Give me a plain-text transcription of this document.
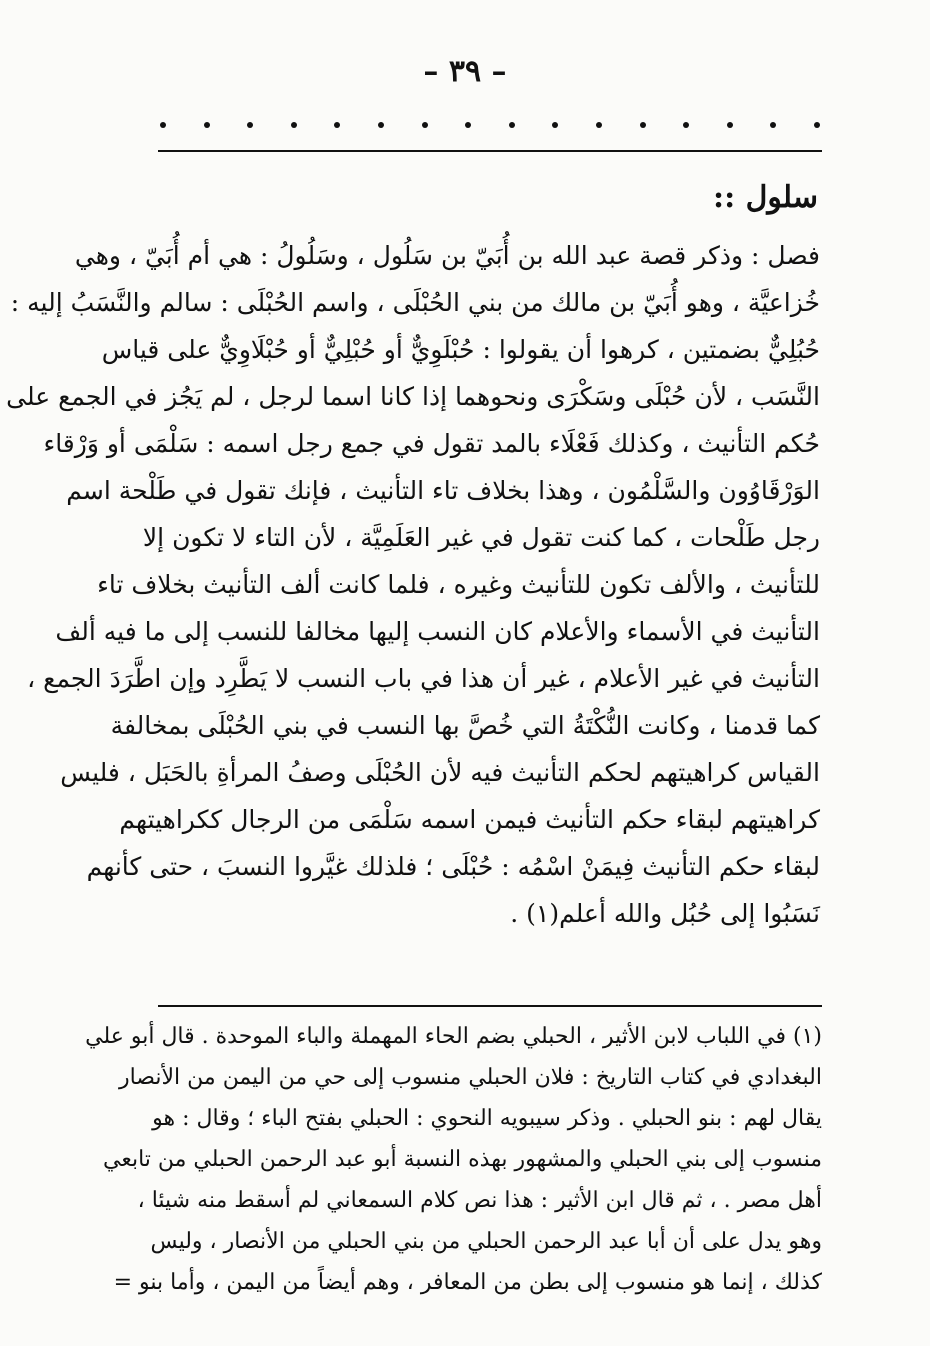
– ٣٩ –
سلول ::
فصل : وذكر قصة عبد الله بن أُبَيّ بن سَلُول ، وسَلُولُ : هي أم أُبَيّ ، وهي
خُزاعيَّة ، وهو أُبَيّ بن مالك من بني الحُبْلَى ، واسم الحُبْلَى : سالم والنَّسَبُ إليه :
حُبُلِيٌّ بضمتين ، كرهوا أن يقولوا : حُبْلَوِيٌّ أو حُبْلِيٌّ أو حُبْلَاوِيٌّ على قياس
النَّسَب ، لأن حُبْلَى وسَكْرَى ونحوهما إذا كانا اسما لرجل ، لم يَجُز في الجمع على
حُكم التأنيث ، وكذلك فَعْلَاء بالمد تقول في جمع رجل اسمه : سَلْمَى أو وَرْقاء
الوَرْقَاوُون والسَّلْمُون ، وهذا بخلاف تاء التأنيث ، فإنك تقول في طَلْحة اسم
رجل طَلْحات ، كما كنت تقول في غير العَلَمِيَّة ، لأن التاء لا تكون إلا
للتأنيث ، والألف تكون للتأنيث وغيره ، فلما كانت ألف التأنيث بخلاف تاء
التأنيث في الأسماء والأعلام كان النسب إليها مخالفا للنسب إلى ما فيه ألف
التأنيث في غير الأعلام ، غير أن هذا في باب النسب لا يَطَّرِد وإن اطَّرَدَ الجمع ،
كما قدمنا ، وكانت النُّكْتَةُ التي خُصَّ بها النسب في بني الحُبْلَى بمخالفة
القياس كراهيتهم لحكم التأنيث فيه لأن الحُبْلَى وصفُ المرأةِ بالحَبَل ، فليس
كراهيتهم لبقاء حكم التأنيث فيمن اسمه سَلْمَى من الرجال ككراهيتهم
لبقاء حكم التأنيث فِيمَنْ اسْمُه : حُبْلَى ؛ فلذلك غيَّروا النسبَ ، حتى كأنهم
نَسَبُوا إلى حُبُل والله أعلم(١) .
(١) في اللباب لابن الأثير ، الحبلي بضم الحاء المهملة والباء الموحدة . قال أبو علي
البغدادي في كتاب التاريخ : فلان الحبلي منسوب إلى حي من اليمن من الأنصار
يقال لهم : بنو الحبلي . وذكر سيبويه النحوي : الحبلي بفتح الباء ؛ وقال : هو
منسوب إلى بني الحبلي والمشهور بهذه النسبة أبو عبد الرحمن الحبلي من تابعي
أهل مصر . ، ثم قال ابن الأثير : هذا نص كلام السمعاني لم أسقط منه شيئا ،
وهو يدل على أن أبا عبد الرحمن الحبلي من بني الحبلي من الأنصار ، وليس
كذلك ، إنما هو منسوب إلى بطن من المعافر ، وهم أيضاً من اليمن ، وأما بنو =
